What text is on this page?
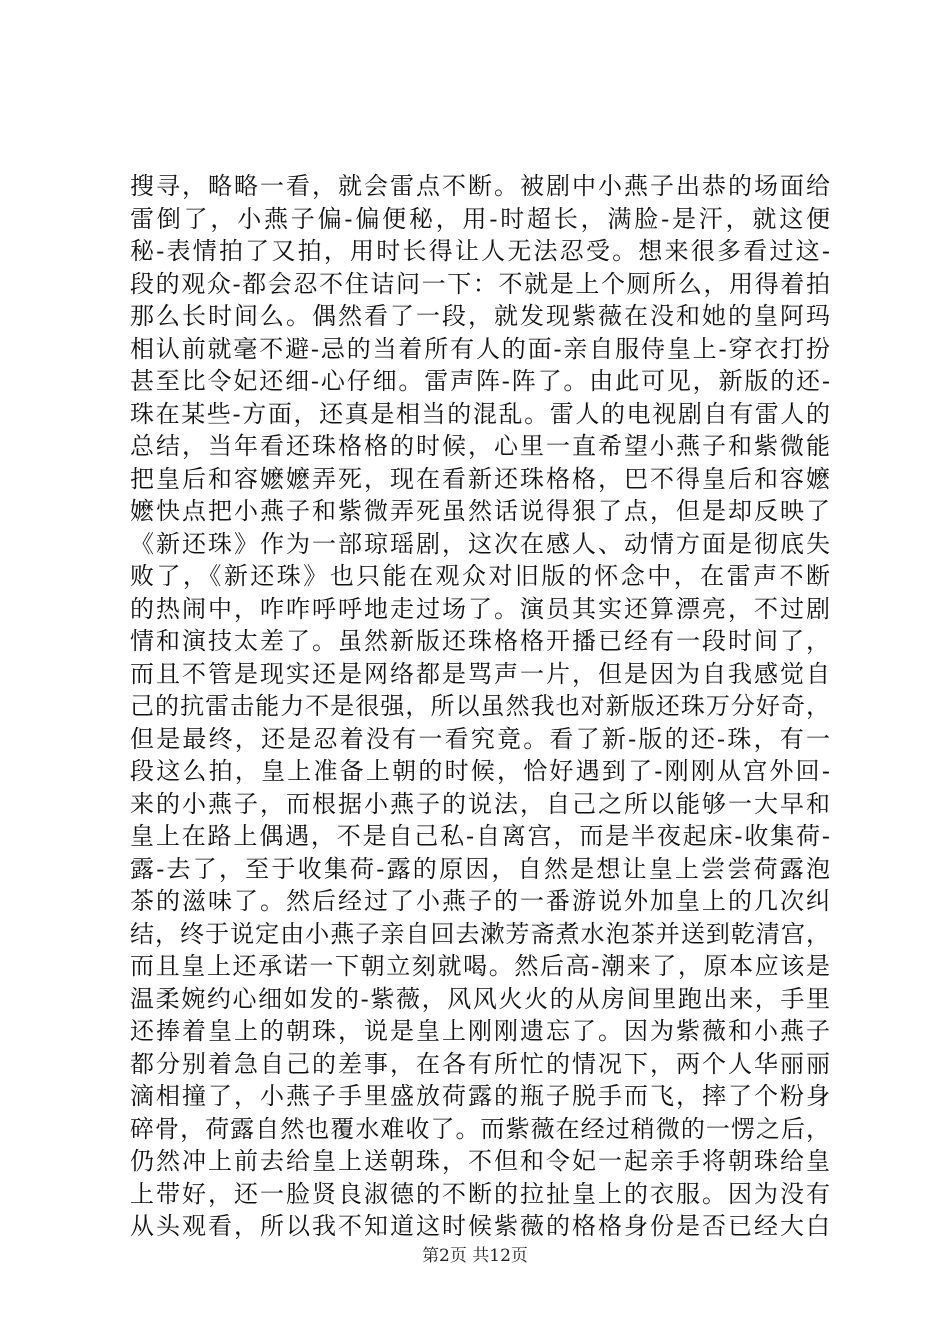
搜寻，略略一看，就会雷点不断。被剧中小燕子出恭的场面给
雷倒了，小燕子偏-偏便秘，用-时超长，满脸-是汗，就这便
秘-表情拍了又拍，用时长得让人无法忍受。想来很多看过这-
段的观众-都会忍不住诘问一下：不就是上个厕所么，用得着拍
那么长时间么。偶然看了一段，就发现紫薇在没和她的皇阿玛
相认前就毫不避-忌的当着所有人的面-亲自服侍皇上-穿衣打扮
甚至比令妃还细-心仔细。雷声阵-阵了。由此可见，新版的还-
珠在某些-方面，还真是相当的混乱。雷人的电视剧自有雷人的
总结，当年看还珠格格的时候，心里一直希望小燕子和紫微能
把皇后和容嬷嬷弄死，现在看新还珠格格，巴不得皇后和容嬷
嬷快点把小燕子和紫微弄死虽然话说得狠了点，但是却反映了
《新还珠》作为一部琼瑶剧，这次在感人、动情方面是彻底失
败了，《新还珠》也只能在观众对旧版的怀念中，在雷声不断
的热闹中，咋咋呼呼地走过场了。演员其实还算漂亮，不过剧
情和演技太差了。虽然新版还珠格格开播已经有一段时间了，
而且不管是现实还是网络都是骂声一片，但是因为自我感觉自
己的抗雷击能力不是很强，所以虽然我也对新版还珠万分好奇，
但是最终，还是忍着没有一看究竟。看了新-版的还-珠，有一
段这么拍，皇上准备上朝的时候，恰好遇到了-刚刚从宫外回-
来的小燕子，而根据小燕子的说法，自己之所以能够一大早和
皇上在路上偶遇，不是自己私-自离宫，而是半夜起床-收集荷-
露-去了，至于收集荷-露的原因，自然是想让皇上尝尝荷露泡
茶的滋味了。然后经过了小燕子的一番游说外加皇上的几次纠
结，终于说定由小燕子亲自回去漱芳斋煮水泡茶并送到乾清宫，
而且皇上还承诺一下朝立刻就喝。然后高-潮来了，原本应该是
温柔婉约心细如发的-紫薇，风风火火的从房间里跑出来，手里
还捧着皇上的朝珠，说是皇上刚刚遗忘了。因为紫薇和小燕子
都分别着急自己的差事，在各有所忙的情况下，两个人华丽丽
滴相撞了，小燕子手里盛放荷露的瓶子脱手而飞，摔了个粉身
碎骨，荷露自然也覆水难收了。而紫薇在经过稍微的一愣之后，
仍然冲上前去给皇上送朝珠，不但和令妃一起亲手将朝珠给皇
上带好，还一脸贤良淑德的不断的拉扯皇上的衣服。因为没有
从头观看，所以我不知道这时候紫薇的格格身份是否已经大白
第2页 共12页
